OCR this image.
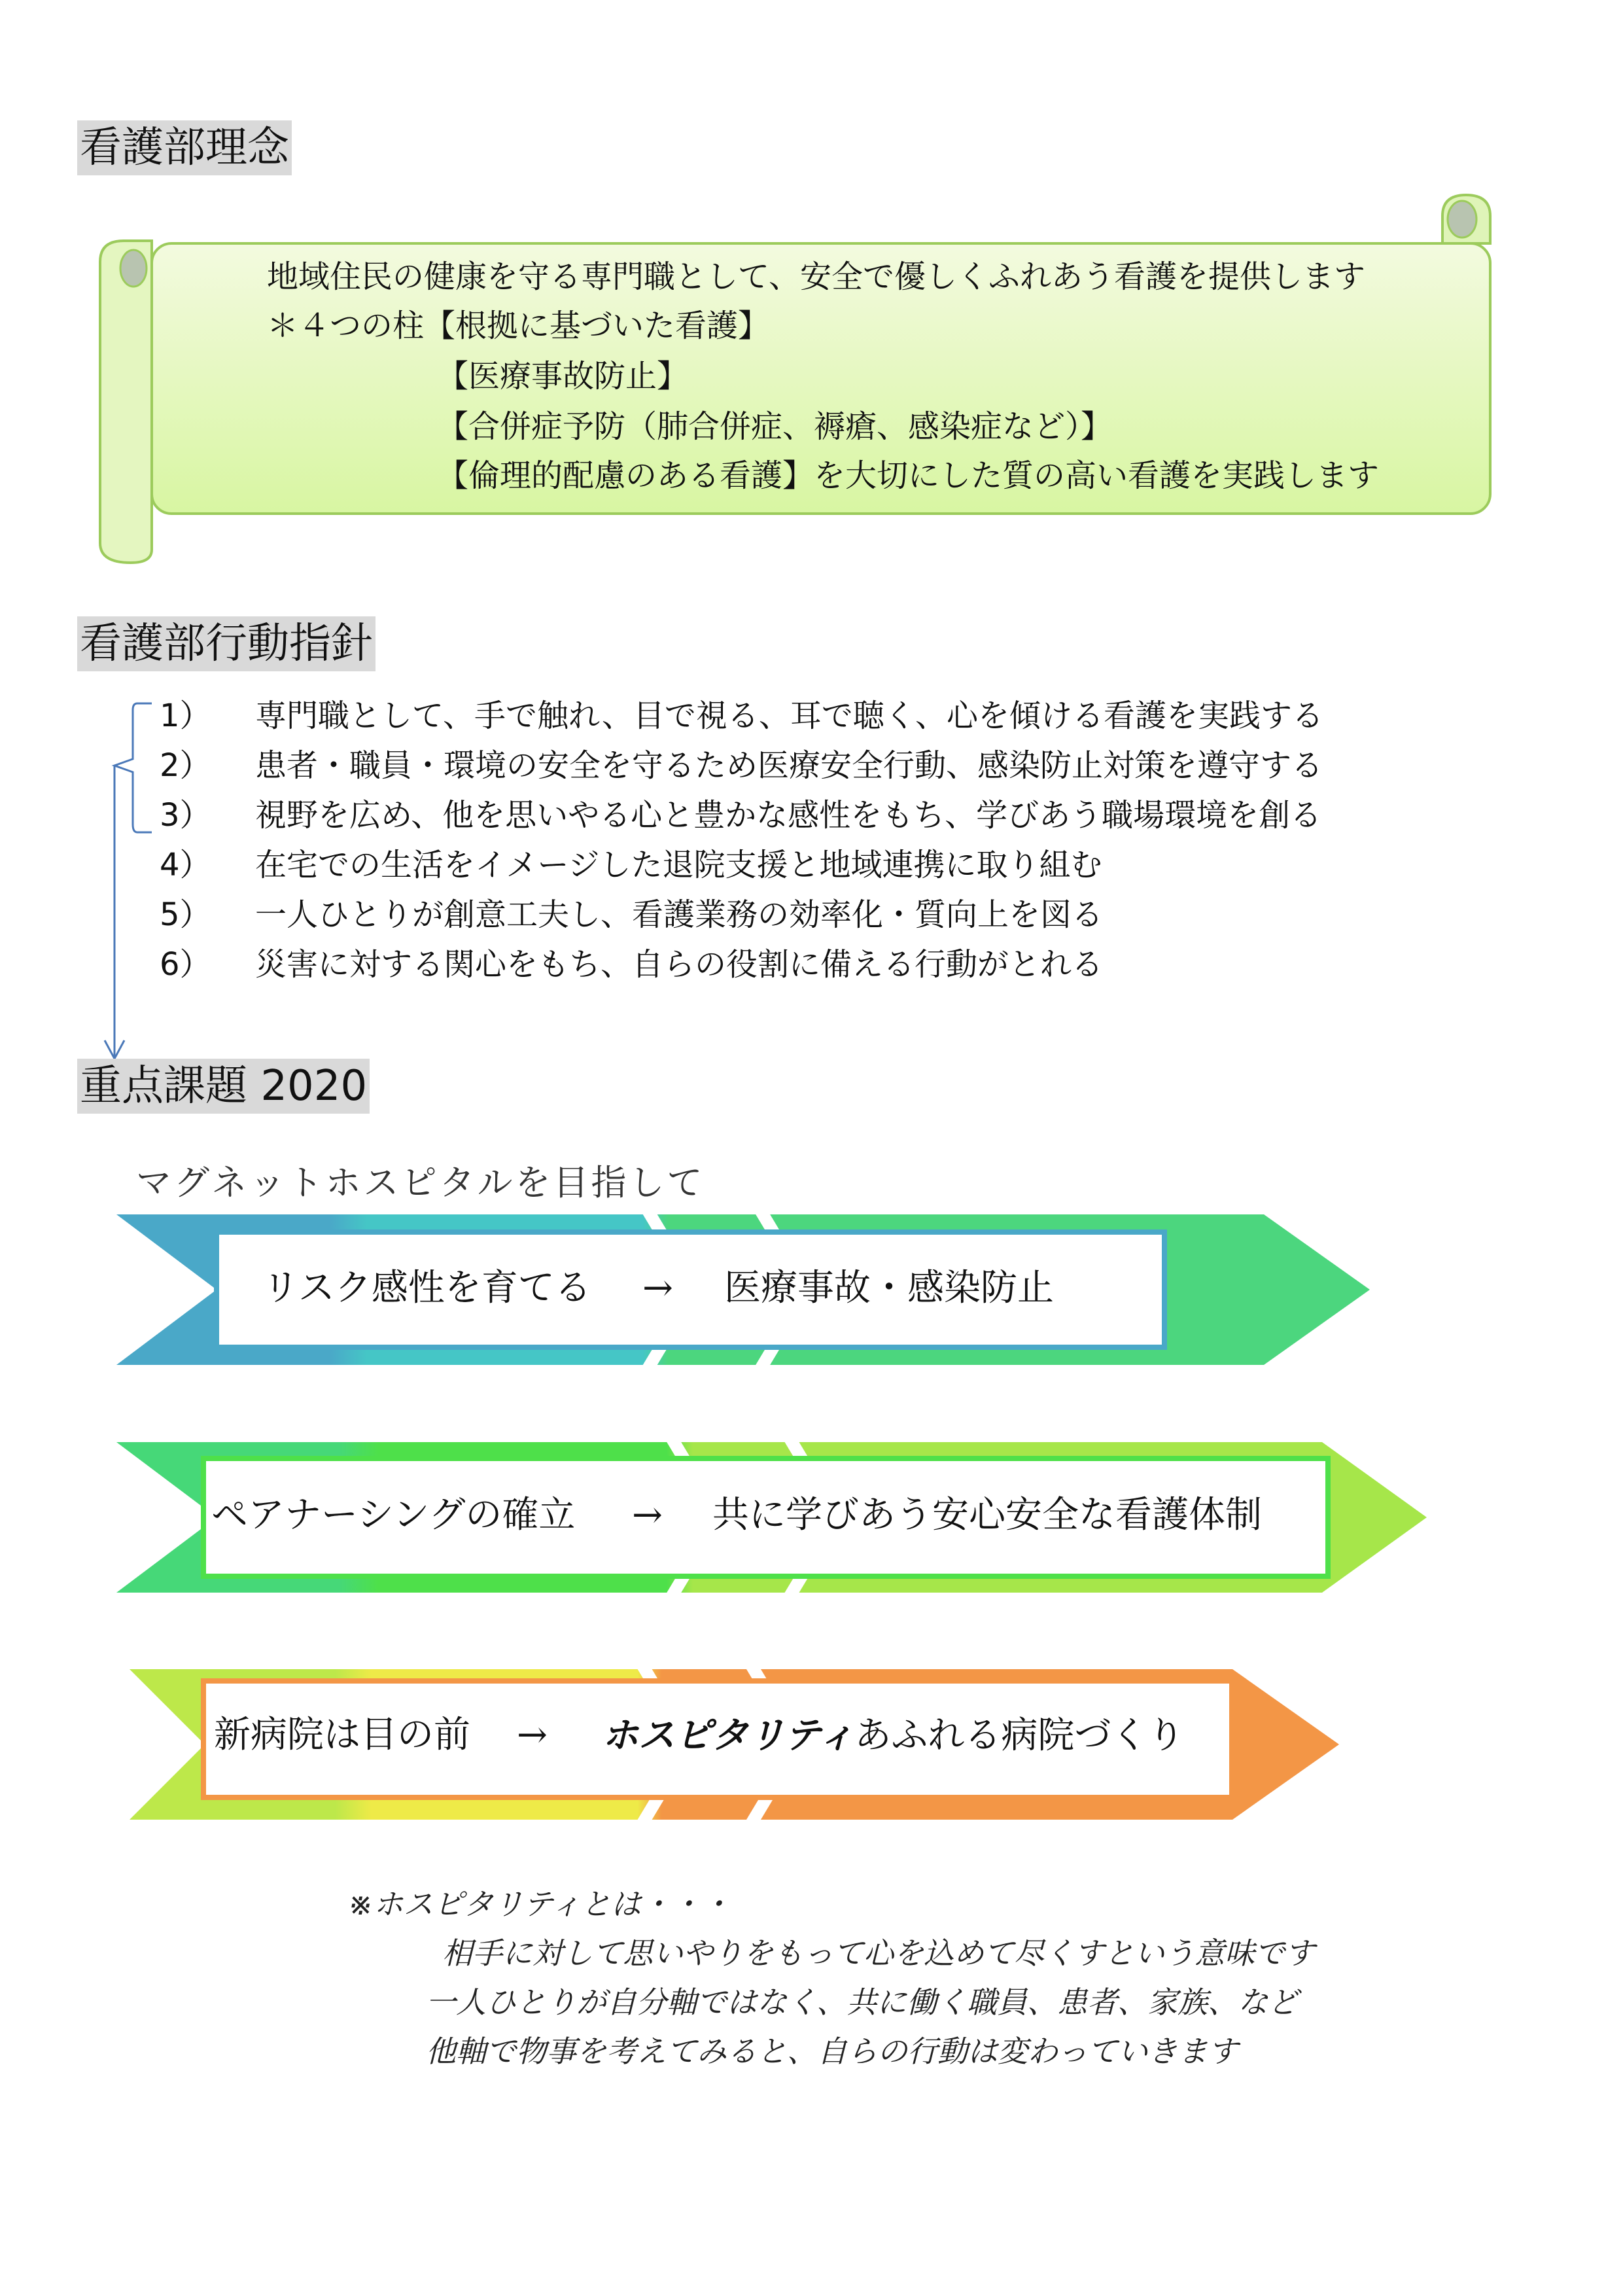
看護部理念
地域住民の健康を守る専門職として、安全で優しくふれあう看護を提供します
＊４つの柱【根拠に基づいた看護】
【医療事故防止】
【合併症予防（肺合併症、褥瘡、感染症など）】
【倫理的配慮のある看護】を大切にした質の高い看護を実践します
看護部行動指針
1） 専門職として、手で触れ、目で視る、耳で聴く、心を傾ける看護を実践する
2） 患者・職員・環境の安全を守るため医療安全行動、感染防止対策を遵守する
3） 視野を広め、他を思いやる心と豊かな感性をもち、学びあう職場環境を創る
4） 在宅での生活をイメージした退院支援と地域連携に取り組む
5） 一人ひとりが創意工夫し、看護業務の効率化・質向上を図る
6） 災害に対する関心をもち、自らの役割に備える行動がとれる
重点課題 2020
マグネットホスピタルを目指して
リスク感性を育てる → 医療事故・感染防止
ペアナーシングの確立 → 共に学びあう安心安全な看護体制
新病院は目の前 → ホスピタリティあふれる病院づくり
※ホスピタリティとは・・・
相手に対して思いやりをもって心を込めて尽くすという意味です
一人ひとりが自分軸ではなく、共に働く職員、患者、家族、など
他軸で物事を考えてみると、自らの行動は変わっていきます
